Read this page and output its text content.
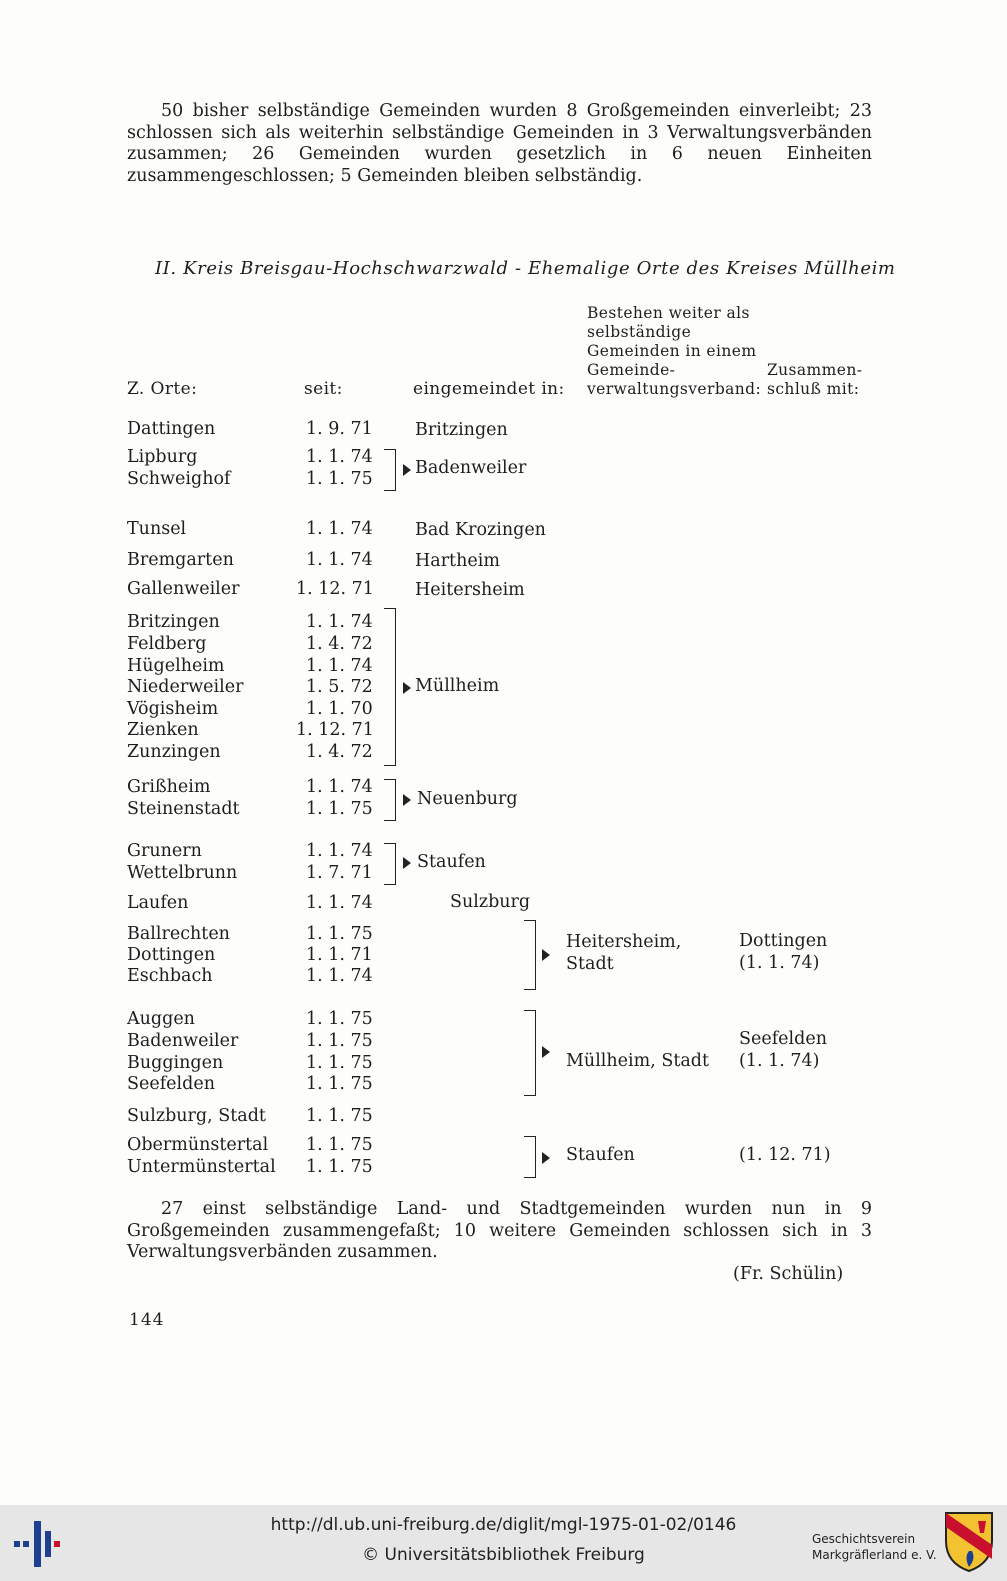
50 bisher selbständige Gemeinden wurden 8 Großgemeinden einverleibt; 23 schlossen sich als weiterhin selbständige Gemeinden in 3 Verwaltungsverbänden zusammen; 26 Gemeinden wurden gesetzlich in 6 neuen Einheiten zusammengeschlossen; 5 Gemeinden bleiben selbständig.

II. Kreis Breisgau-Hochschwarzwald - Ehemalige Orte des Kreises Müllheim
Z. Orte:	seit:	eingemeindet in:
Bestehen weiter als
selbständige
Gemeinden in einem
Gemeinde-
verwaltungsverband:
Zusammen-
schluß mit:
Dattingen
Lipburg
Schweighof
Tunsel
Bremgarten
Gallenweiler
Britzingen
Feldberg
Hügelheim
Niederweiler
Vögisheim
Zienken
Zunzingen
Grißheim
Steinenstadt
Grunern
Wettelbrunn
Laufen
Ballrechten
Dottingen
Eschbach
Auggen
Badenweiler
Buggingen
Seefelden
Sulzburg, Stadt
Obermünstertal
Untermünstertal
1. 9. 71
1. 1. 74
1. 1. 75
1. 1. 74
1. 1. 74
1. 12. 71
1. 1. 74
1. 4. 72
1. 1. 74
1. 5. 72
1. 1. 70
1. 12. 71
1. 4. 72
1. 1. 74
1. 1. 75
1. 1. 74
1. 7. 71
1. 1. 74
1. 1. 75
1. 1. 71
1. 1. 74
1. 1. 75
1. 1. 75
1. 1. 75
1. 1. 75
1. 1. 75
1. 1. 75
1. 1. 75
Britzingen
Badenweiler
Bad Krozingen
Hartheim
Heitersheim
Müllheim
Neuenburg
Staufen
Sulzburg
Heitersheim,
Stadt
Müllheim, Stadt
Staufen
Dottingen
(1. 1. 74)
Seefelden
(1. 1. 74)
(1. 12. 71)

27 einst selbständige Land- und Stadtgemeinden wurden nun in 9 Großgemeinden zusammengefaßt; 10 weitere Gemeinden schlossen sich in 3 Verwaltungsverbänden zusammen.

(Fr. Schülin)
144
http://dl.ub.uni-freiburg.de/diglit/mgl-1975-01-02/0146
© Universitätsbibliothek Freiburg
Geschichtsverein
Markgräflerland e. V.
